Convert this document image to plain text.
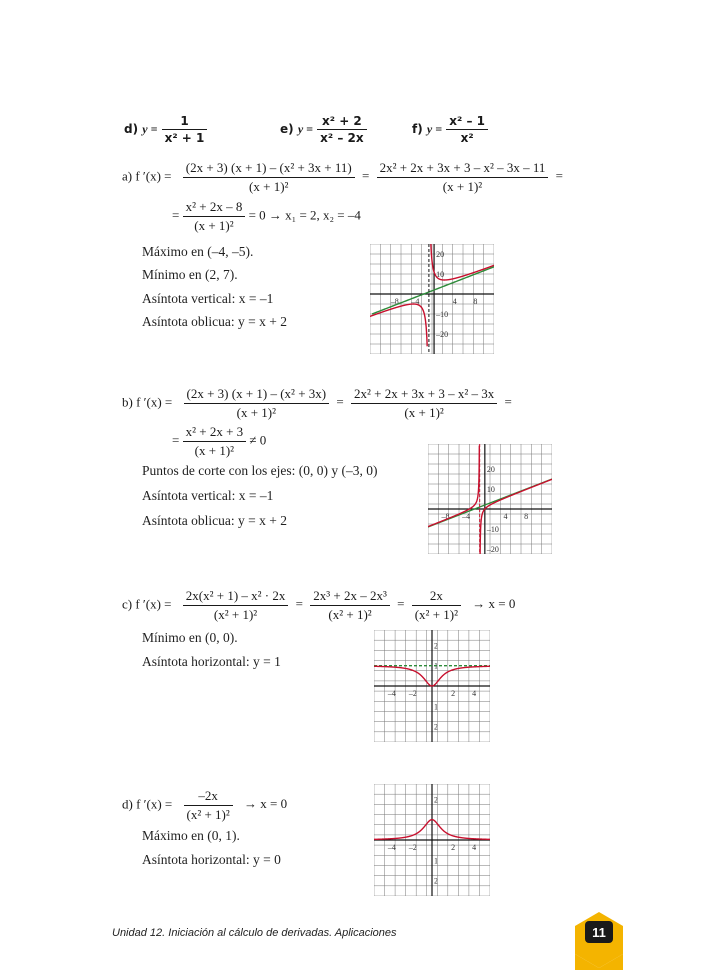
d) $y = \frac{1}{\text{x² + 1}}$	e) $y = \frac{\text{x² + 2}}{\text{x² – 2x}}$	f) $y = \frac{\text{x² – 1}}{\text{x²}}$
a) f $'(x) = \frac{\text{(2x + 3) (x + 1) – (x² + 3x + 11)}}{\text{(x + 1)²}} = \frac{\text{2x² + 2x + 3x + 3 – x² – 3x – 11}}{\text{(x + 1)²}}$ =
= $\frac{\text{x² + 2x – 8}}{\text{(x + 1)²}} = 0 \to x_1 = 2$, x₂ = –4
Máximo en (–4, –5).
Mínimo en (2, 7).
Asíntota vertical: x = –1
Asíntota oblicua: y = x + 2
–8 –4	4 8
20
10
–10
–20
b) f $'(x) = \frac{\text{(2x + 3) (x + 1) – (x² + 3x)}}{\text{(x + 1)²}} = \frac{\text{2x² + 2x + 3x + 3 – x² – 3x}}{\text{(x + 1)²}}$ =
= $\frac{\text{x² + 2x + 3}}{\text{(x + 1)²}} \ne 0$
Puntos de corte con los ejes: (0, 0) y (–3, 0)
Asíntota vertical: x = –1
Asíntota oblicua: y = x + 2	–8 –4	4 8
20
10
–10
–20
c) f $'(x) = \frac{\text{2x(x² + 1) – x² · 2x}}{\text{(x² + 1)²}} = \frac{\text{2x³ + 2x – 2x³}}{\text{(x² + 1)²}} = \frac{2x}{\text{(x² + 1)²}} \to x = 0$
Mínimo en (0, 0).
Asíntota horizontal: y = 1
–4 –2	2 4
2
1
1
2
d) f $'(x) = \frac{-2x}{\text{(x² + 1)²}} \to x = 0$
Máximo en (0, 1).
Asíntota horizontal: y = 0
–4 –2	2 4
2
1
2
Unidad 12. Iniciación al cálculo de derivadas. Aplicaciones	11
